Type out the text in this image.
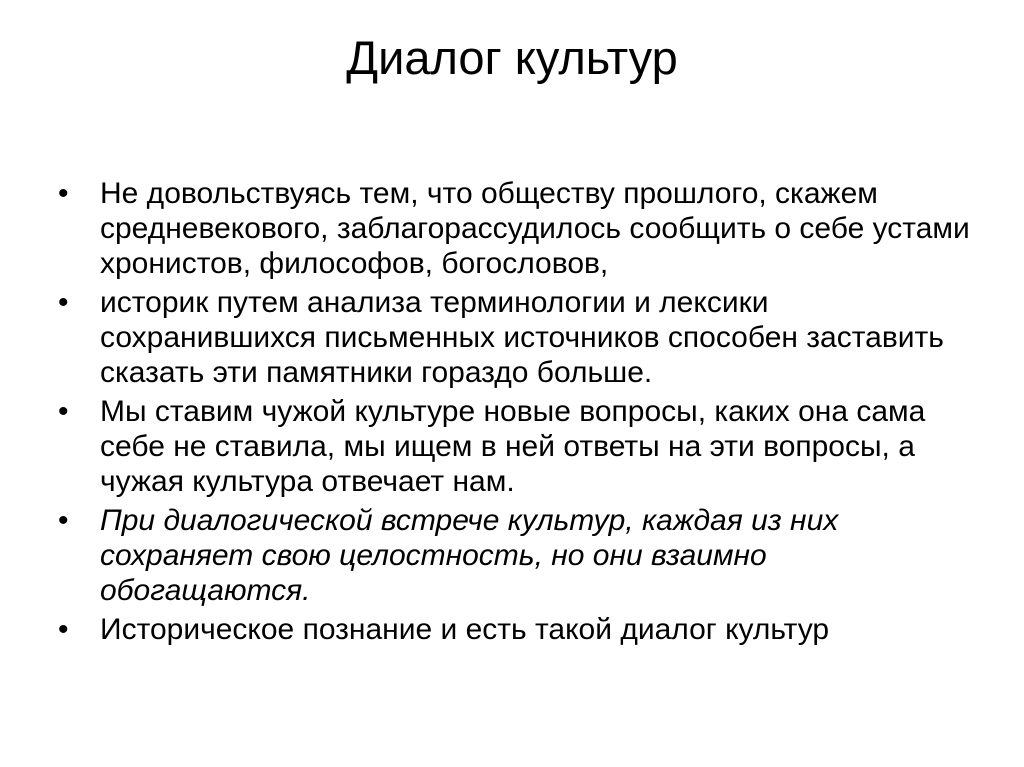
Диалог культур
•	Не довольствуясь тем, что обществу прошлого, скажем средневекового, заблагорассудилось сообщить о себе устами хронистов, философов, богословов,
•	историк путем анализа терминологии и лексики сохранившихся письменных источников способен заставить сказать эти памятники гораздо больше.
•	Мы ставим чужой культуре новые вопросы, каких она сама себе не ставила, мы ищем в ней ответы на эти вопросы, а чужая культура отвечает нам.
•	При диалогической встрече культур, каждая из них сохраняет свою целостность, но они взаимно обогащаются.
•	Историческое познание и есть такой диалог культур
